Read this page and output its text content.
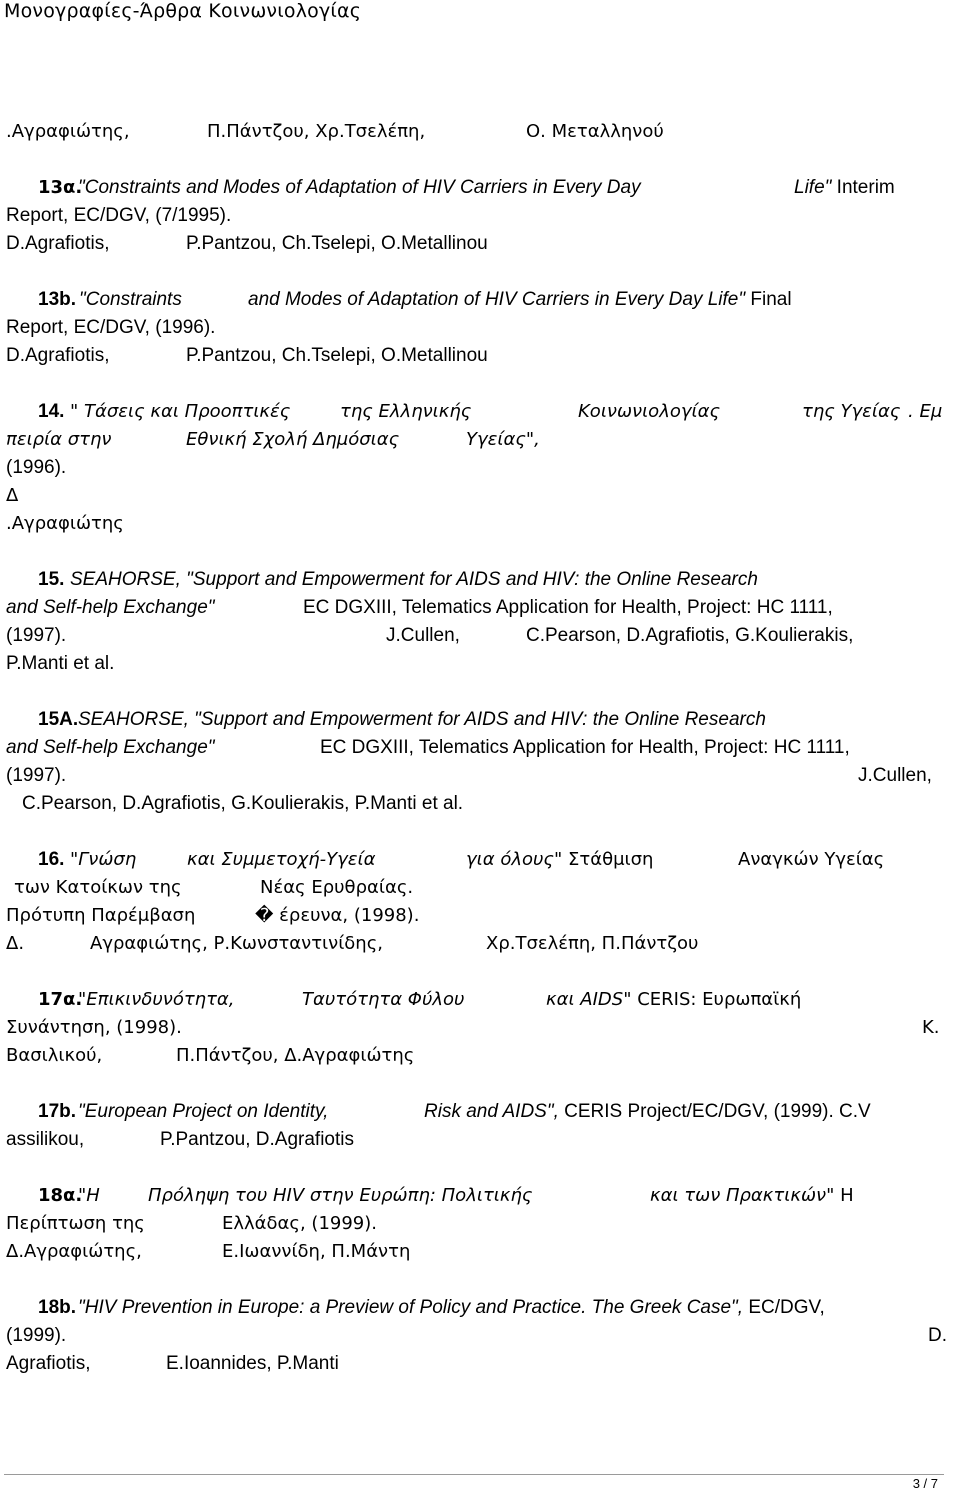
Μονογραφίες-Άρθρα Κοινωνιολογίας
.Αγραφιώτης,	Π.Πάντζου, Χρ.Τσελέπη,	Ο. Μεταλληνού
13α.
"Constraints and Modes of Adaptation of HIV Carriers in Every Day	Life" Interim
Report, EC/DGV, (7/1995).
D.Agrafiotis,	P.Pantzou, Ch.Tselepi, O.Metallinou
13b. "Constraints	and Modes of Adaptation of HIV Carriers in Every Day Life" Final
Report, EC/DGV, (1996).
D.Agrafiotis,	P.Pantzou, Ch.Tselepi, O.Metallinou
14. " Τάσεις και Προοπτικές	της Ελληνικής	Κοινωνιολογίας	της Υγείας . Εμ
πειρία στην	Εθνική Σχολή Δημόσιας	Υγείας",
(1996).
Δ
.Αγραφιώτης
15. SEAHORSE, "Support and Empowerment for AIDS and HIV: the Online Research
and Self-help Exchange"	EC DGXIII, Telematics Application for Health, Project: HC 1111,
(1997).	J.Cullen,	C.Pearson, D.Agrafiotis, G.Koulierakis,
P.Manti et al.
15A. SEAHORSE, "Support and Empowerment for AIDS and HIV: the Online Research
and Self-help Exchange"	EC DGXIII, Telematics Application for Health, Project: HC 1111,
(1997).	J.Cullen,
C.Pearson, D.Agrafiotis, G.Koulierakis, P.Manti et al.
16. "Γνώση	και Συμμετοχή-Υγεία	για όλους" Στάθμιση	Αναγκών Υγείας
των Κατοίκων της	Νέας Ερυθραίας.
Πρότυπη Παρέμβαση	� έρευνα, (1998).
Δ.	Αγραφιώτης, Ρ.Κωνσταντινίδης,	Χρ.Τσελέπη, Π.Πάντζου
17α.
"Επικινδυνότητα,	Ταυτότητα Φύλου	και AIDS" CERIS: Ευρωπαϊκή
Συνάντηση, (1998).	Κ.
Βασιλικού,	Π.Πάντζου, Δ.Αγραφιώτης
17b. "European Project on Identity,	Risk and AIDS", CERIS Project/EC/DGV, (1999). C.V
assilikou,	P.Pantzou, D.Agrafiotis
18α.
"Η	Πρόληψη του HIV στην Ευρώπη: Πολιτικής	και των Πρακτικών" Η
Περίπτωση της	Ελλάδας, (1999).
Δ.Αγραφιώτης,	Ε.Ιωαννίδη, Π.Μάντη
18b. "HIV Prevention in Europe: a Preview of Policy and Practice. The Greek Case", EC/DGV,
(1999).	D.
Agrafiotis,	E.Ioannides, P.Manti
3 / 7
